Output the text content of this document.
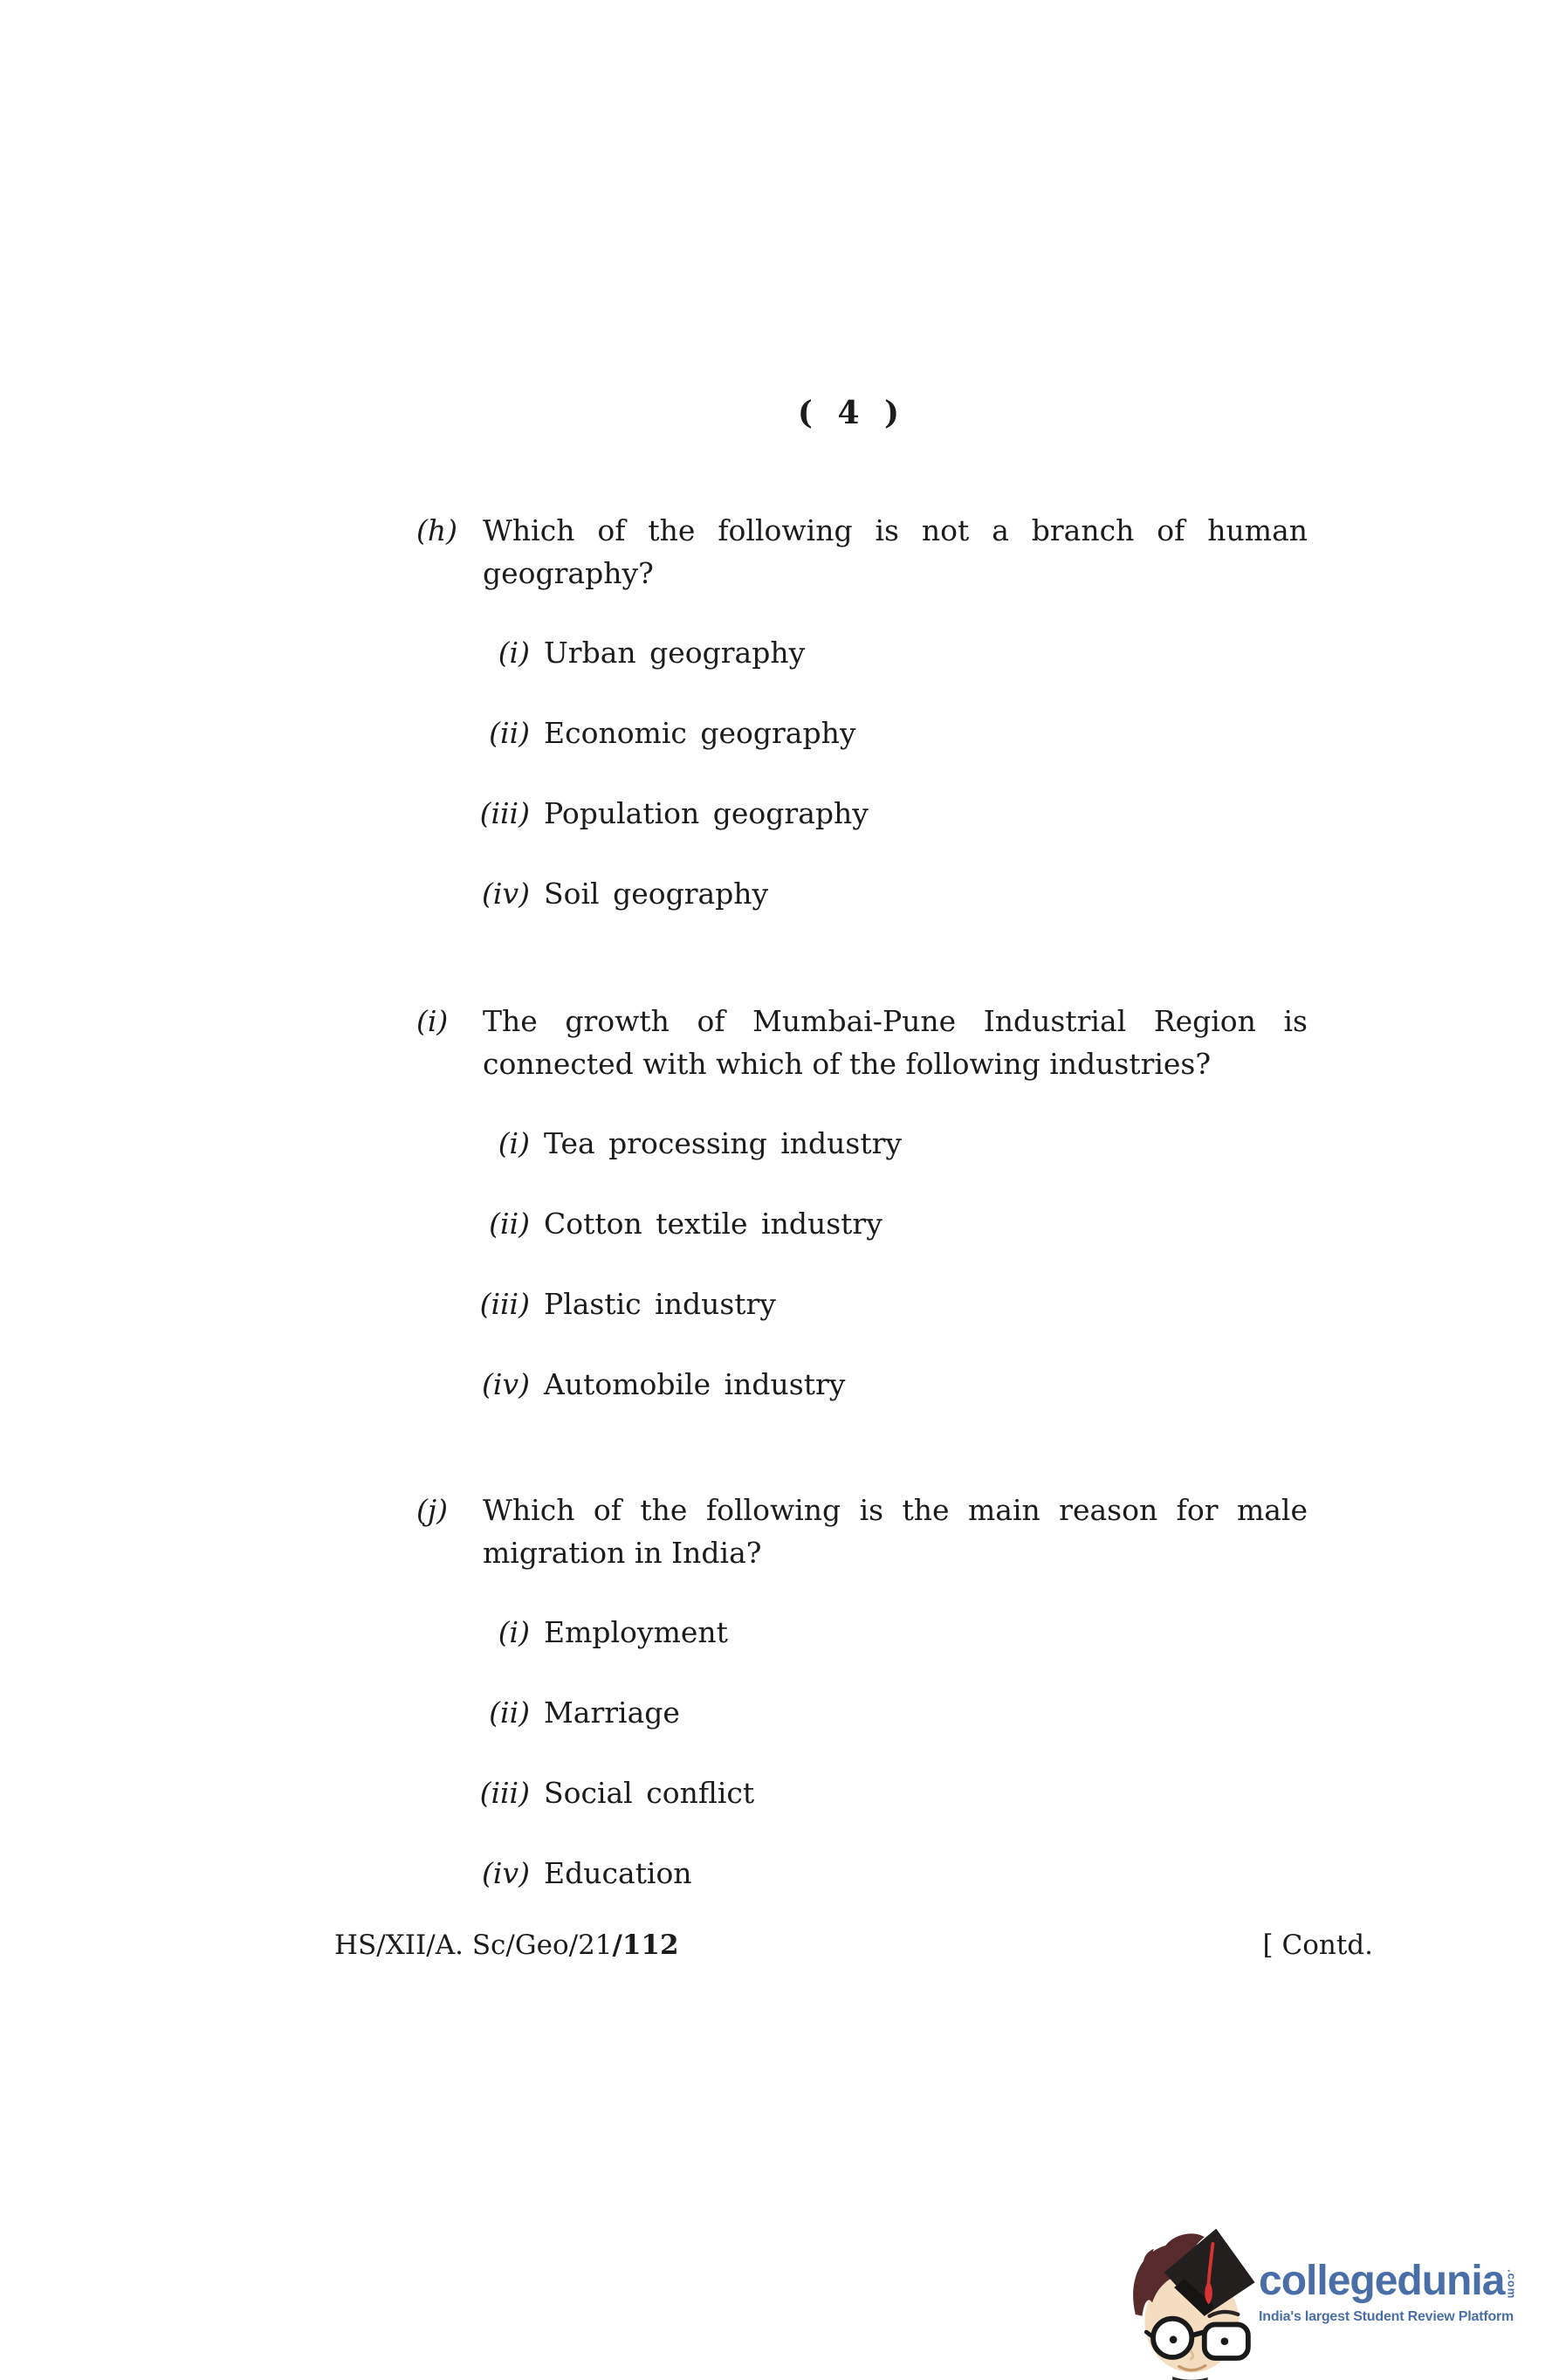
( 4 )
(h) Which of the following is not a branch of human
geography?
(i) Urban geography
(ii) Economic geography
(iii) Population geography
(iv) Soil geography
(i) The growth of Mumbai-Pune Industrial Region is
connected with which of the following industries?
(i) Tea processing industry
(ii) Cotton textile industry
(iii) Plastic industry
(iv) Automobile industry
(j) Which of the following is the main reason for male
migration in India?
(i) Employment
(ii) Marriage
(iii) Social conflict
(iv) Education
HS/XII/A. Sc/Geo/21/112	[ Contd.
collegedunia .com
India's largest Student Review Platform
